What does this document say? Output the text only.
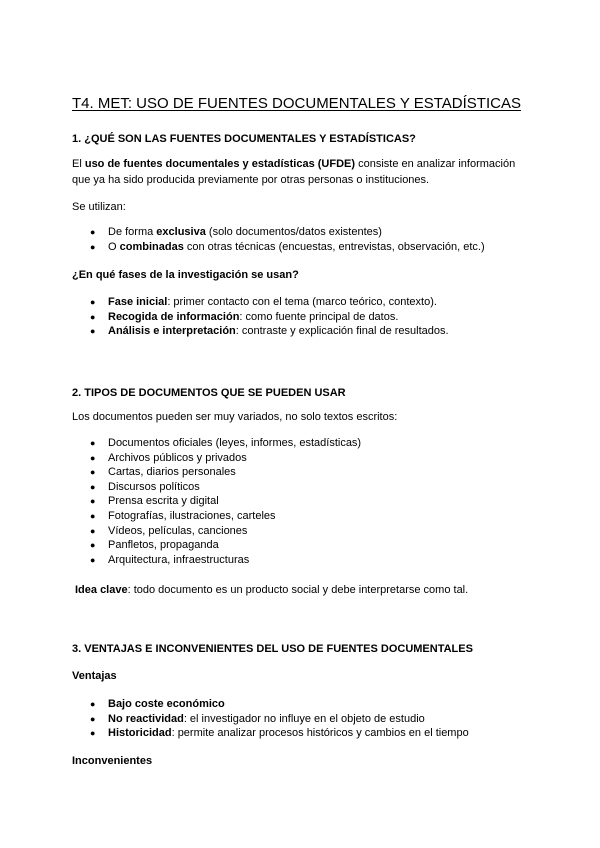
T4. MET: USO DE FUENTES DOCUMENTALES Y ESTADÍSTICAS
1. ¿QUÉ SON LAS FUENTES DOCUMENTALES Y ESTADÍSTICAS?
El uso de fuentes documentales y estadísticas (UFDE) consiste en analizar información
que ya ha sido producida previamente por otras personas o instituciones.
Se utilizan:
● De forma exclusiva (solo documentos/datos existentes)
● O combinadas con otras técnicas (encuestas, entrevistas, observación, etc.)
¿En qué fases de la investigación se usan?
● Fase inicial: primer contacto con el tema (marco teórico, contexto).
● Recogida de información: como fuente principal de datos.
● Análisis e interpretación: contraste y explicación final de resultados.
2. TIPOS DE DOCUMENTOS QUE SE PUEDEN USAR
Los documentos pueden ser muy variados, no solo textos escritos:
● Documentos oficiales (leyes, informes, estadísticas)
● Archivos públicos y privados
● Cartas, diarios personales
● Discursos políticos
● Prensa escrita y digital
● Fotografías, ilustraciones, carteles
● Vídeos, películas, canciones
● Panfletos, propaganda
● Arquitectura, infraestructuras
Idea clave: todo documento es un producto social y debe interpretarse como tal.
3. VENTAJAS E INCONVENIENTES DEL USO DE FUENTES DOCUMENTALES
Ventajas
● Bajo coste económico
● No reactividad: el investigador no influye en el objeto de estudio
● Historicidad: permite analizar procesos históricos y cambios en el tiempo
Inconvenientes
